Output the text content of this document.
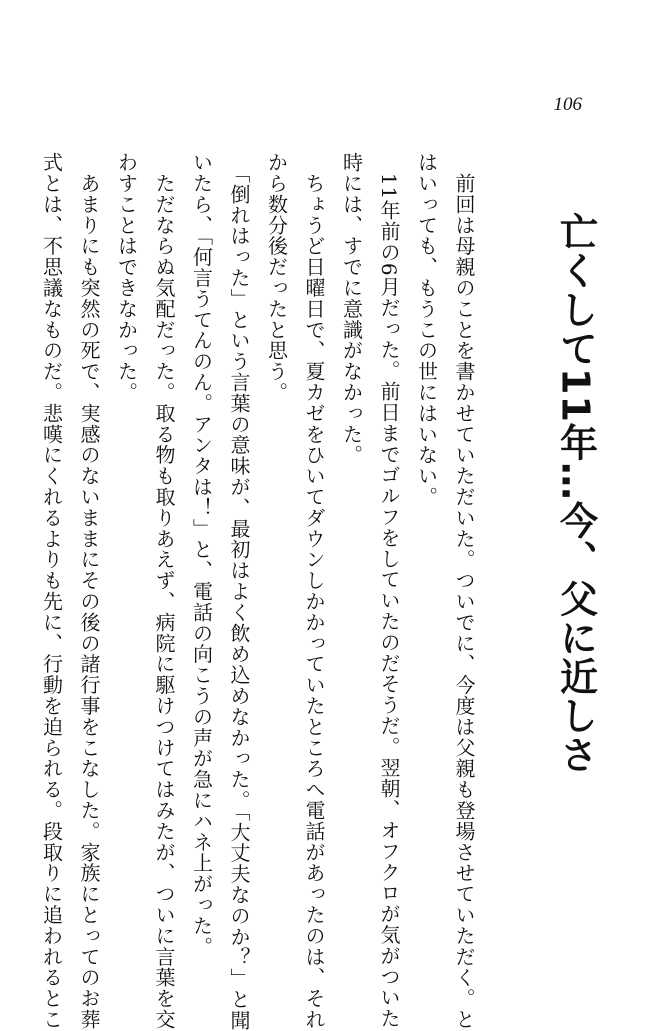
106
亡くして11年…今、父に近しさ

　前回は母親のことを書かせていただいた。ついでに、今度は父親も登場させていただく。と
はいっても、もうこの世にはいない。

　11年前の6月だった。前日までゴルフをしていたのだそうだ。翌朝、オフクロが気がついた
時には、すでに意識がなかった。

　ちょうど日曜日で、夏カゼをひいてダウンしかかっていたところへ電話があったのは、それ
から数分後だったと思う。

　「倒れはった」という言葉の意味が、最初はよく飲め込めなかった。「大丈夫なのか？」と聞
いたら、「何言うてんのん。アンタは！」と、電話の向こうの声が急にハネ上がった。

　ただならぬ気配だった。取る物も取りあえず、病院に駆けつけてはみたが、ついに言葉を交
わすことはできなかった。

　あまりにも突然の死で、実感のないままにその後の諸行事をこなした。家族にとってのお葬
式とは、不思議なものだ。悲嘆にくれるよりも先に、行動を迫られる。段取りに追われるとこ
